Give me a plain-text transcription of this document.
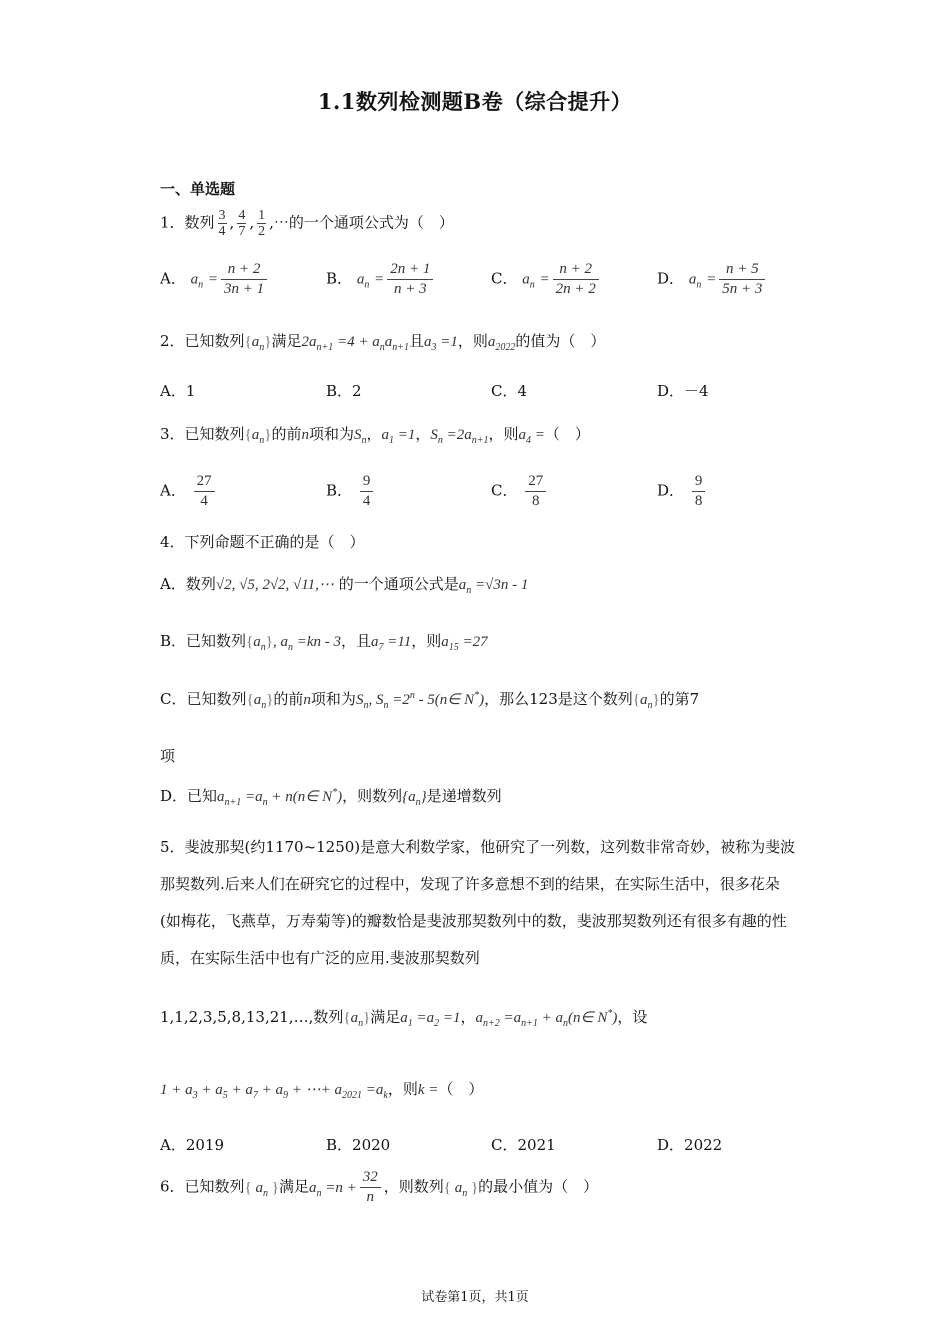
1.1数列检测题B卷（综合提升）
一、单选题
1．数列 $\frac{3}{4}$ , $\frac{4}{7}$ , $\frac{1}{2}$ ,⋯的一个通项公式为（　）
A． $a_n = \frac{n + 2}{3n + 1}$	B． $a_n = \frac{2n + 1}{n + 3}$	C． $a_n = \frac{n + 2}{2n + 2}$	D． $a_n = \frac{n + 5}{5n + 3}$
2．已知数列$\{a_n\}$满足$2a_{n+1} =4 + a_na_{n+1}$且$a_3 =1$，则$a_{2022}$的值为（　）
A．1	B．2	C．4	D．－4
3．已知数列$\{a_n\}$的前n项和为$S_n$，$a_1 =1$，$S_n =2a_{n+1}$，则$a_4$ =（　）
A． $\frac{27}{4}$	B． $\frac{9}{4}$	C． $\frac{27}{8}$	D． $\frac{9}{8}$
4．下列命题不正确的是（　）
A．数列√2, √5, 2√2, √11,⋯ 的一个通项公式是$a_n =√3n - 1$
B．已知数列$\{a_n\}$, $a_n =kn - 3$，且$a_7 =11$，则$a_{15} =27$
C．已知数列$\{a_n\}$的前n项和为$S_n$, $S_n =2^n$ - 5(n∈ N*)，那么123是这个数列$\{a_n\}$的第7
项
D．已知$a_{n+1} =a_n$ + n(n∈ N*)，则数列$\{a_n\}$是递增数列
5．斐波那契(约1170~1250)是意大利数学家，他研究了一列数，这列数非常奇妙，被称为斐波那契数列.后来人们在研究它的过程中，发现了许多意想不到的结果，在实际生活中，很多花朵(如梅花，飞燕草，万寿菊等)的瓣数恰是斐波那契数列中的数，斐波那契数列还有很多有趣的性质，在实际生活中也有广泛的应用.斐波那契数列
1,1,2,3,5,8,13,21,…,数列$\{a_n\}$满足$a_1 =a_2 =1$，$a_{n+2} =a_{n+1}$ + $a_n(n\in$ N*)，设
$1 + a_3 + a_5 + a_7 + a_9$ + ⋯+ $a_{2021} =a_k$，则k =（　）
A．2019	B．2020	C．2021	D．2022
6．已知数列{ $a_n$ }满足$a_n =n + \frac{32}{n}$ ，则数列{ $a_n$ }的最小值为（　）
试卷第1页，共1页
